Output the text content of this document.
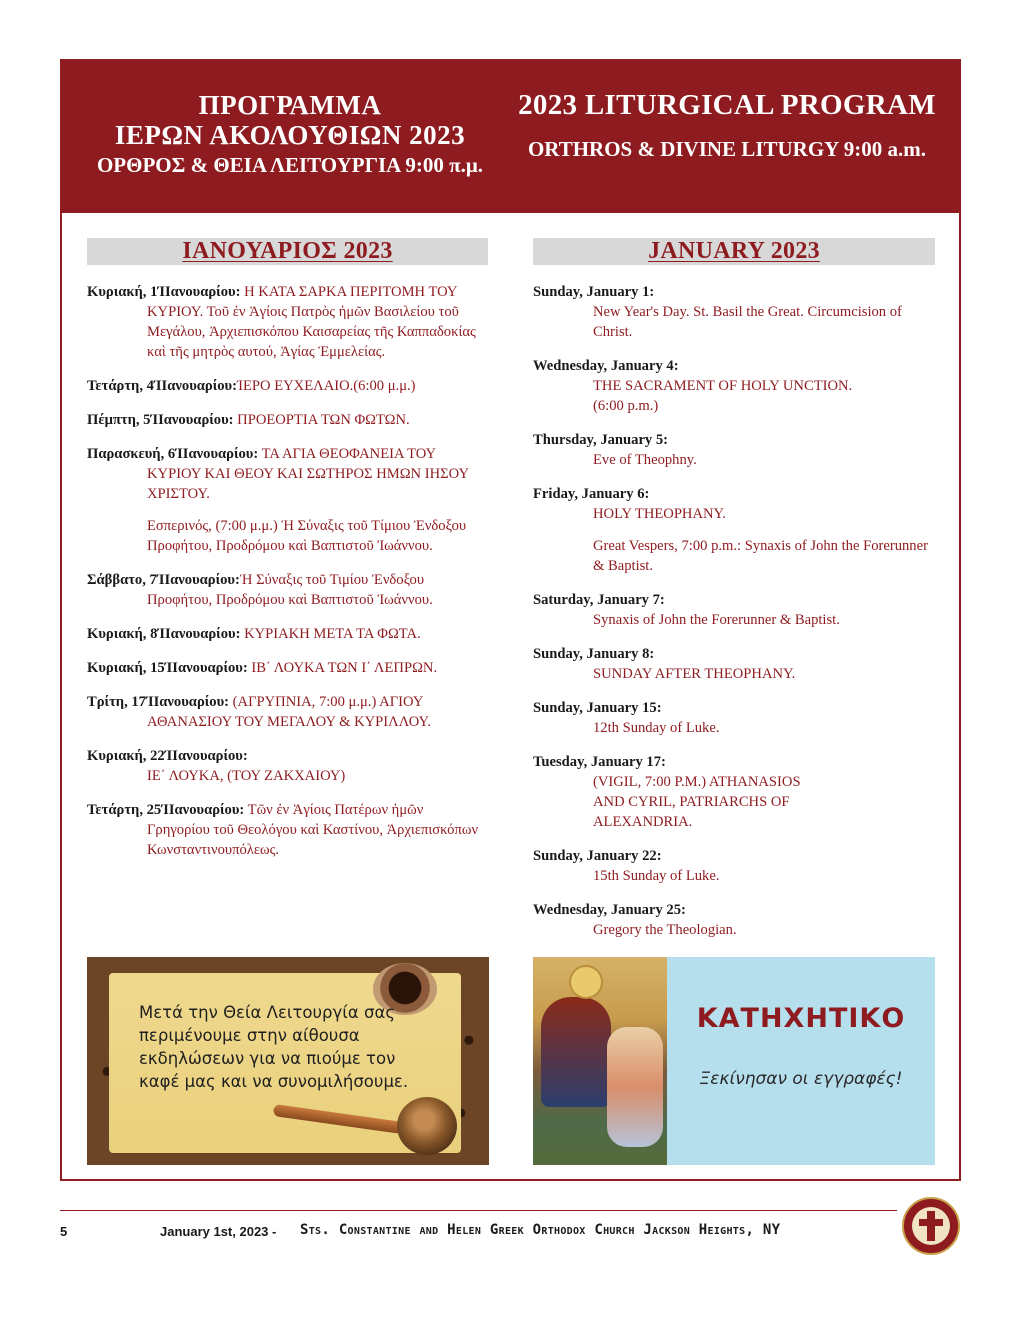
ΠΡΟΓΡΑΜΜΑ
ΙΕΡΩΝ ΑΚΟΛΟΥΘΙΩΝ 2023
ΟΡΘΡΟΣ & ΘΕΙΑ ΛΕΙΤΟΥΡΓΙΑ 9:00 π.μ.
2023 LITURGICAL PROGRAM
ORTHROS & DIVINE LITURGY 9:00 a.m.
ΙΑΝΟΥΑΡΙΟΣ 2023	JANUARY 2023
Κυριακή, 1ΊΙανουαρίου: Η ΚΑΤΑ ΣΑΡΚΑ ΠΕΡΙΤΟΜΗ ΤΟΥ ΚΥΡΙΟΥ. Τοῦ ἐν Ἁγίοις Πατρὸς ἡμῶν Βασιλείου τοῦ Μεγάλου, Ἀρχιεπισκόπου Καισαρείας τῆς Καππαδοκίας καὶ τῆς μητρὸς αυτού, Ἁγίας Ἐμμελείας.
Τετάρτη, 4ΊΙανουαρίου:ΊΕΡΟ ΕΥΧΕΛΑΙΟ.(6:00 μ.μ.)
Πέμπτη, 5ΊΙανουαρίου: ΠΡΟΕΟΡΤΙΑ ΤΩΝ ΦΩΤΩΝ.
Παρασκευή, 6ΊΙανουαρίου: ΤΑ ΑΓΙΑ ΘΕΟΦΑΝΕΙΑ ΤΟΥ ΚΥΡΙΟΥ ΚΑΙ ΘΕΟΥ ΚΑΙ ΣΩΤΗΡΟΣ ΗΜΩΝ ΙΗΣΟΥ ΧΡΙΣΤΟΥ.
Εσπερινός, (7:00 μ.μ.) Ἡ Σύναξις τοῦ Τίμιου Ἐνδοξου Προφήτου, Προδρόμου καὶ Βαπτιστοῦ Ἰωάννου.
Σάββατο, 7ΊΙανουαρίου:Ἡ Σύναξις τοῦ Τιμίου Ἐνδοξου Προφήτου, Προδρόμου καὶ Βαπτιστοῦ Ἰωάννου.
Κυριακή, 8ΊΙανουαρίου: ΚΥΡΙΑΚΗ ΜΕΤΑ ΤΑ ΦΩΤΑ.
Κυριακή, 15ΊΙανουαρίου: ΙΒ΄ ΛΟΥΚΑ ΤΩΝ Ι΄ ΛΕΠΡΩΝ.
Τρίτη, 17ΊΙανουαρίου: (ΑΓΡΥΠΝΙΑ, 7:00 μ.μ.) ΑΓΙΟΥ ΑΘΑΝΑΣΙΟΥ ΤΟΥ ΜΕΓΑΛΟΥ & ΚΥΡΙΛΛΟΥ.
Κυριακή, 22ΊΙανουαρίου:
ΙΕ΄ ΛΟΥΚΑ, (ΤΟΥ ΖΑΚΧΑΙΟΥ)
Τετάρτη, 25ΊΙανουαρίου: Τῶν ἐν Ἁγίοις Πατέρων ἡμῶν Γρηγορίου τοῦ Θεολόγου καὶ Καστίνου, Ἀρχιεπισκόπων Κωνσταντινουπόλεως.
Sunday, January 1:
New Year's Day. St. Basil the Great. Circumcision of Christ.
Wednesday, January 4:
THE SACRAMENT OF HOLY UNCTION. (6:00 p.m.)
Thursday, January 5:
Eve of Theophny.
Friday, January 6:
HOLY THEOPHANY.
Great Vespers, 7:00 p.m.: Synaxis of John the Forerunner & Baptist.
Saturday, January 7:
Synaxis of John the Forerunner & Baptist.
Sunday, January 8:
SUNDAY AFTER THEOPHANY.
Sunday, January 15:
12th Sunday of Luke.
Tuesday, January 17:
(VIGIL, 7:00 P.M.) ATHANASIOS AND CYRIL, PATRIARCHS OF ALEXANDRIA.
Sunday, January 22:
15th Sunday of Luke.
Wednesday, January 25:
Gregory the Theologian.
Μετά την Θεία Λειτουργία σας περιμένουμε στην αίθουσα εκδηλώσεων για να πιούμε τον καφέ μας και να συνομιλήσουμε.
ΚΑΤΗΧΗΤΙΚΟ
Ξεκίνησαν οι εγγραφές!
5	January 1st, 2023 - Sts. Constantine and Helen Greek Orthodox Church Jackson Heights, NY
